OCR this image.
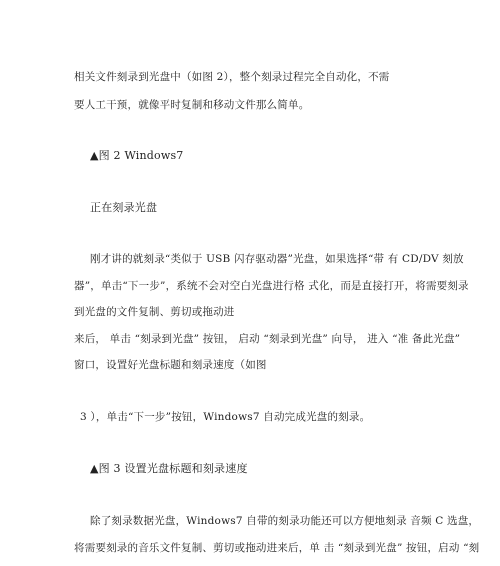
相关文件刻录到光盘中（如图 2），整个刻录过程完全自动化，不需
要人工干预，就像平时复制和移动文件那么简单。
▲图 2 Windows7
正在刻录光盘
刚才讲的就刻录“类似于 USB 闪存驱动器”光盘，如果选择“带 有 CD/DV 刻放
器”，单击“下一步”，系统不会对空白光盘进行格 式化，而是直接打开，将需要刻录
到光盘的文件复制、剪切或拖动进
来后， 单击 “刻录到光盘” 按钮， 启动 “刻录到光盘” 向导， 进入 “准 备此光盘”
窗口，设置好光盘标题和刻录速度（如图
3 ），单击“下一步”按钮，Windows7 自动完成光盘的刻录。
▲图 3 设置光盘标题和刻录速度
除了刻录数据光盘，Windows7 自带的刻录功能还可以方便地刻录 音频 C 选盘，
将需要刻录的音乐文件复制、剪切或拖动进来后，单 击 “刻录到光盘” 按钮，启动 “刻
